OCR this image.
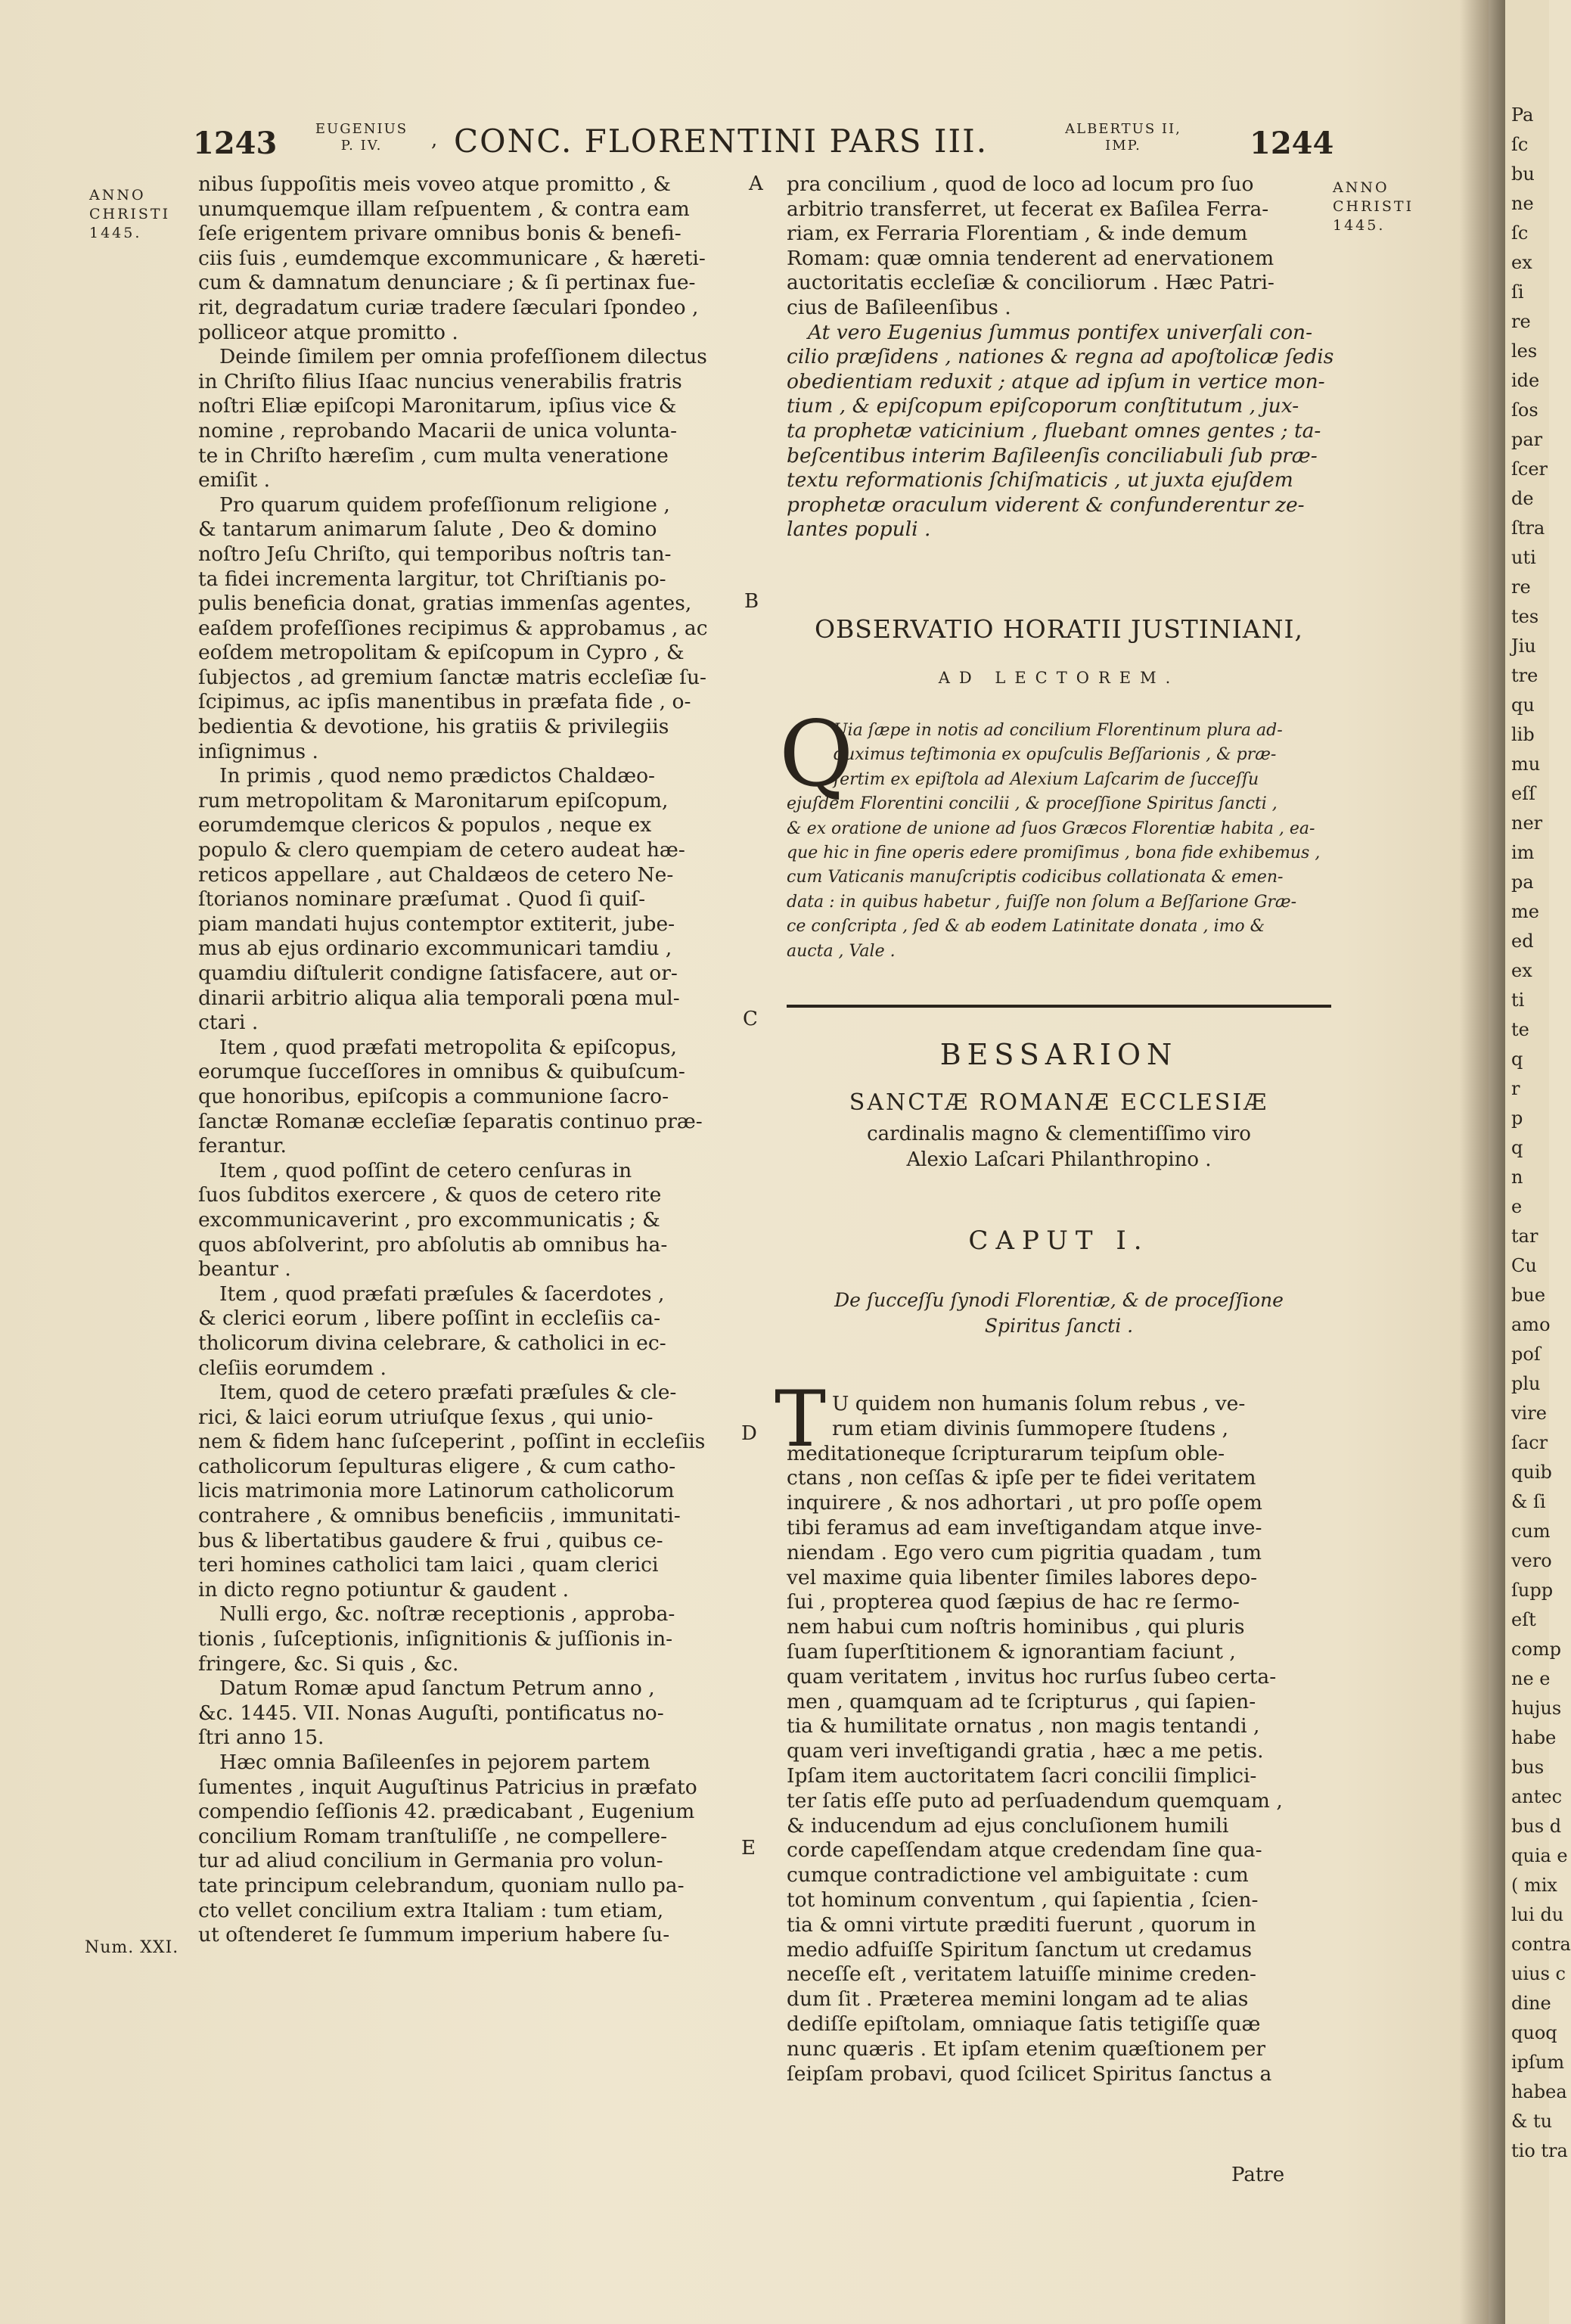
1243	EUGENIUS
P. IV.	, CONC. FLORENTINI PARS III.	ALBERTUS II,
IMP.	1244
ANNO
CHRISTI
1445.
ANNO
CHRISTI
1445.
Num. XXI.
A
B
C
D
E
nibus ſuppoſitis meis voveo atque promitto , &
unumquemque illam reſpuentem , & contra eam
ſeſe erigentem privare omnibus bonis & benefi-
ciis ſuis , eumdemque excommunicare , & hæreti-
cum & damnatum denunciare ; & ſi pertinax fue-
rit, degradatum curiæ tradere ſæculari ſpondeo ,
polliceor atque promitto .
Deinde ſimilem per omnia profeſſionem dilectus
in Chriſto filius Iſaac nuncius venerabilis fratris
noſtri Eliæ epiſcopi Maronitarum, ipſius vice &
nomine , reprobando Macarii de unica volunta-
te in Chriſto hæreſim , cum multa veneratione
emiſit .
Pro quarum quidem profeſſionum religione ,
& tantarum animarum ſalute , Deo & domino
noſtro Jeſu Chriſto, qui temporibus noſtris tan-
ta fidei incrementa largitur, tot Chriſtianis po-
pulis beneficia donat, gratias immenſas agentes,
eaſdem profeſſiones recipimus & approbamus , ac
eoſdem metropolitam & epiſcopum in Cypro , &
ſubjectos , ad gremium ſanctæ matris eccleſiæ ſu-
ſcipimus, ac ipſis manentibus in præfata fide , o-
bedientia & devotione, his gratiis & privilegiis
inſignimus .
In primis , quod nemo prædictos Chaldæo-
rum metropolitam & Maronitarum epiſcopum,
eorumdemque clericos & populos , neque ex
populo & clero quempiam de cetero audeat hæ-
reticos appellare , aut Chaldæos de cetero Ne-
ſtorianos nominare præſumat . Quod ſi quiſ-
piam mandati hujus contemptor extiterit, jube-
mus ab ejus ordinario excommunicari tamdiu ,
quamdiu diſtulerit condigne ſatisfacere, aut or-
dinarii arbitrio aliqua alia temporali pœna mul-
ctari .
Item , quod præfati metropolita & epiſcopus,
eorumque ſucceſſores in omnibus & quibuſcum-
que honoribus, epiſcopis a communione ſacro-
ſanctæ Romanæ eccleſiæ ſeparatis continuo præ-
ferantur.
Item , quod poſſint de cetero cenſuras in
ſuos ſubditos exercere , & quos de cetero rite
excommunicaverint , pro excommunicatis ; &
quos abſolverint, pro abſolutis ab omnibus ha-
beantur .
Item , quod præfati præſules & ſacerdotes ,
& clerici eorum , libere poſſint in eccleſiis ca-
tholicorum divina celebrare, & catholici in ec-
cleſiis eorumdem .
Item, quod de cetero præfati præſules & cle-
rici, & laici eorum utriuſque ſexus , qui unio-
nem & fidem hanc ſuſceperint , poſſint in eccleſiis
catholicorum ſepulturas eligere , & cum catho-
licis matrimonia more Latinorum catholicorum
contrahere , & omnibus beneficiis , immunitati-
bus & libertatibus gaudere & frui , quibus ce-
teri homines catholici tam laici , quam clerici
in dicto regno potiuntur & gaudent .
Nulli ergo, &c. noſtræ receptionis , approba-
tionis , ſuſceptionis, inſignitionis & juſſionis in-
fringere, &c. Si quis , &c.
Datum Romæ apud ſanctum Petrum anno ,
&c. 1445. VII. Nonas Auguſti, pontificatus no-
ſtri anno 15.
Hæc omnia Baſileenſes in pejorem partem
ſumentes , inquit Auguſtinus Patricius in præfato
compendio ſeſſionis 42. prædicabant , Eugenium
concilium Romam tranſtuliſſe , ne compellere-
tur ad aliud concilium in Germania pro volun-
tate principum celebrandum, quoniam nullo pa-
cto vellet concilium extra Italiam : tum etiam,
ut oſtenderet ſe ſummum imperium habere ſu-
pra concilium , quod de loco ad locum pro ſuo
arbitrio transferret, ut fecerat ex Baſilea Ferra-
riam, ex Ferraria Florentiam , & inde demum
Romam: quæ omnia tenderent ad enervationem
auctoritatis eccleſiæ & conciliorum . Hæc Patri-
cius de Baſileenſibus .
At vero Eugenius ſummus pontifex univerſali con-
cilio præſidens , nationes & regna ad apoſtolicæ ſedis
obedientiam reduxit ; atque ad ipſum in vertice mon-
tium , & epiſcopum epiſcoporum conſtitutum , jux-
ta prophetæ vaticinium , fluebant omnes gentes ; ta-
beſcentibus interim Baſileenſis conciliabuli ſub præ-
textu reformationis ſchiſmaticis , ut juxta ejuſdem
prophetæ oraculum viderent & confunderentur ze-
lantes populi .
OBSERVATIO HORATII JUSTINIANI,
AD LECTOREM.
Q
Uia ſæpe in notis ad concilium Florentinum plura ad-
duximus teſtimonia ex opuſculis Beſſarionis , & præ-
ſertim ex epiſtola ad Alexium Laſcarim de ſucceſſu
ejuſdem Florentini concilii , & proceſſione Spiritus ſancti ,
& ex oratione de unione ad ſuos Græcos Florentiæ habita , ea-
que hic in fine operis edere promiſimus , bona fide exhibemus ,
cum Vaticanis manuſcriptis codicibus collationata & emen-
data : in quibus habetur , fuiſſe non ſolum a Beſſarione Græ-
ce conſcripta , ſed & ab eodem Latinitate donata , imo &
aucta , Vale .
BESSARION
SANCTÆ ROMANÆ ECCLESIÆ
cardinalis magno & clementiſſimo viro
Alexio Laſcari Philanthropino .
CAPUT I.
De ſucceſſu ſynodi Florentiæ, & de proceſſione
Spiritus ſancti .
T U quidem non humanis ſolum rebus , ve-
rum etiam divinis ſummopere ſtudens ,
meditationeque ſcripturarum teipſum oble-
ctans , non ceſſas & ipſe per te fidei veritatem
inquirere , & nos adhortari , ut pro poſſe opem
tibi feramus ad eam inveſtigandam atque inve-
niendam . Ego vero cum pigritia quadam , tum
vel maxime quia libenter ſimiles labores depo-
ſui , propterea quod ſæpius de hac re ſermo-
nem habui cum noſtris hominibus , qui pluris
ſuam ſuperſtitionem & ignorantiam faciunt ,
quam veritatem , invitus hoc rurſus ſubeo certa-
men , quamquam ad te ſcripturus , qui ſapien-
tia & humilitate ornatus , non magis tentandi ,
quam veri inveſtigandi gratia , hæc a me petis.
Ipſam item auctoritatem ſacri concilii ſimplici-
ter ſatis eſſe puto ad perſuadendum quemquam ,
& inducendum ad ejus concluſionem humili
corde capeſſendam atque credendam ſine qua-
cumque contradictione vel ambiguitate : cum
tot hominum conventum , qui ſapientia , ſcien-
tia & omni virtute præditi fuerunt , quorum in
medio adfuiſſe Spiritum ſanctum ut credamus
neceſſe eſt , veritatem latuiſſe minime creden-
dum ſit . Præterea memini longam ad te alias
dediſſe epiſtolam, omniaque ſatis tetigiſſe quæ
nunc quæris . Et ipſam etenim quæſtionem per
ſeipſam probavi, quod ſcilicet Spiritus ſanctus a
Patre
Pa
ſc
bu
ne
ſc
ex
ſi
re
les
ide
ſos
par
ſcer
de
ſtra
uti
re
tes
Jiu
tre
qu
lib
mu
eſſ
ner
im
pa
me
ed
ex
ti
te
q
r
p
q
n
e
tar
Cu
bue
amo
poſ
plu
vire
ſacr
quib
& ſi
cum
vero
ſupp
eſt
comp
ne e
hujus
habe
bus
antec
bus d
quia e
( mix
lui du
contra
uius c
dine
quoq
ipſum
habea
& tu
tio tra
